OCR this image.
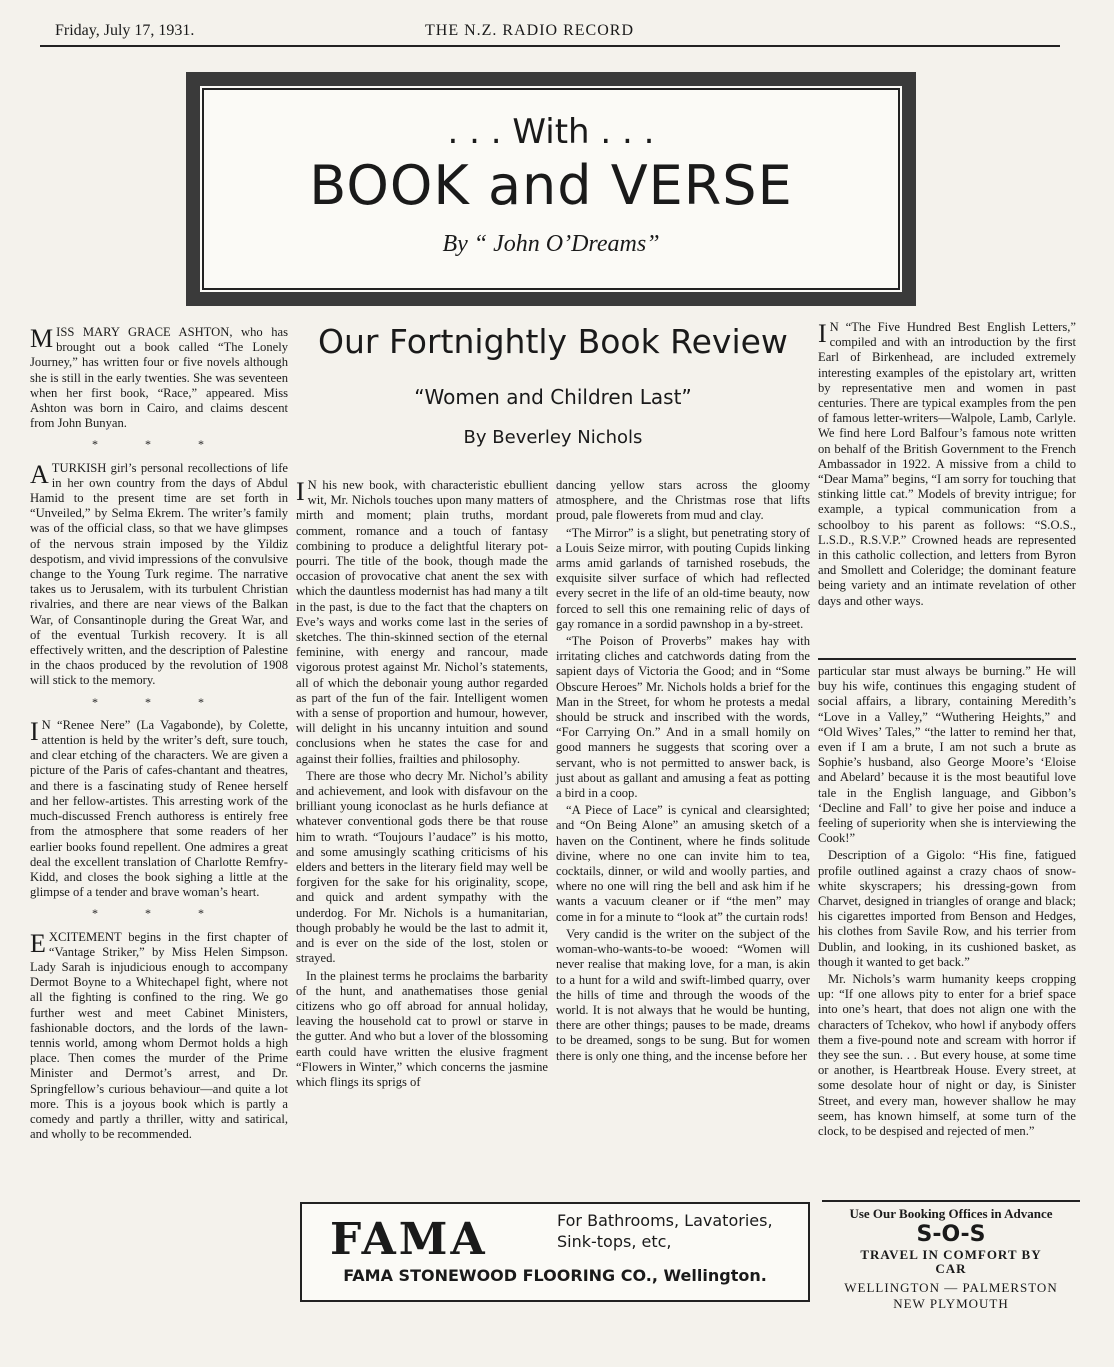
Friday, July 17, 1931.	THE N.Z. RADIO RECORD
. . . With . . .
BOOK and VERSE
By “ John O’Dreams”

MISS MARY GRACE ASHTON, who has brought out a book called “The Lonely Journey,” has written four or five novels although she is still in the early twenties. She was seventeen when her first book, “Race,” appeared. Miss Ashton was born in Cairo, and claims descent from John Bunyan.

* * *

A TURKISH girl’s personal recollections of life in her own country from the days of Abdul Hamid to the present time are set forth in “Unveiled,” by Selma Ekrem. The writer’s family was of the official class, so that we have glimpses of the nervous strain imposed by the Yildiz despotism, and vivid impressions of the convulsive change to the Young Turk regime. The narrative takes us to Jerusalem, with its turbulent Christian rivalries, and there are near views of the Balkan War, of Consantinople during the Great War, and of the eventual Turkish recovery. It is all effectively written, and the description of Palestine in the chaos produced by the revolution of 1908 will stick to the memory.

* * *

I N “Renee Nere” (La Vagabonde), by Colette, attention is held by the writer’s deft, sure touch, and clear etching of the characters. We are given a picture of the Paris of cafes-chantant and theatres, and there is a fascinating study of Renee herself and her fellow-artistes. This arresting work of the much-discussed French authoress is entirely free from the atmosphere that some readers of her earlier books found repellent. One admires a great deal the excellent translation of Charlotte Remfry-Kidd, and closes the book sighing a little at the glimpse of a tender and brave woman’s heart.

* * *

EXCITEMENT begins in the first chapter of “Vantage Striker,” by Miss Helen Simpson. Lady Sarah is injudicious enough to accompany Dermot Boyne to a Whitechapel fight, where not all the fighting is confined to the ring. We go further west and meet Cabinet Ministers, fashionable doctors, and the lords of the lawn-tennis world, among whom Dermot holds a high place. Then comes the murder of the Prime Minister and Dermot’s arrest, and Dr. Springfellow’s curious behaviour—and quite a lot more. This is a joyous book which is partly a comedy and partly a thriller, witty and satirical, and wholly to be recommended.

Our Fortnightly Book Review
“Women and Children Last”
By Beverley Nichols

I N his new book, with characteristic ebullient wit, Mr. Nichols touches upon many matters of mirth and moment; plain truths, mordant comment, romance and a touch of fantasy combining to produce a delightful literary pot-pourri. The title of the book, though made the occasion of provocative chat anent the sex with which the dauntless modernist has had many a tilt in the past, is due to the fact that the chapters on Eve’s ways and works come last in the series of sketches. The thin-skinned section of the eternal feminine, with energy and rancour, made vigorous protest against Mr. Nichol’s statements, all of which the debonair young author regarded as part of the fun of the fair. Intelligent women with a sense of proportion and humour, however, will delight in his uncanny intuition and sound conclusions when he states the case for and against their follies, frailties and philosophy.

There are those who decry Mr. Nichol’s ability and achievement, and look with disfavour on the brilliant young iconoclast as he hurls defiance at whatever conventional gods there be that rouse him to wrath. “Toujours l’audace” is his motto, and some amusingly scathing criticisms of his elders and betters in the literary field may well be forgiven for the sake for his originality, scope, and quick and ardent sympathy with the underdog. For Mr. Nichols is a humanitarian, though probably he would be the last to admit it, and is ever on the side of the lost, stolen or strayed.

In the plainest terms he proclaims the barbarity of the hunt, and anathematises those genial citizens who go off abroad for annual holiday, leaving the household cat to prowl or starve in the gutter. And who but a lover of the blossoming earth could have written the elusive fragment “Flowers in Winter,” which concerns the jasmine which flings its sprigs of

dancing yellow stars across the gloomy atmosphere, and the Christmas rose that lifts proud, pale flowerets from mud and clay.

“The Mirror” is a slight, but penetrating story of a Louis Seize mirror, with pouting Cupids linking arms amid garlands of tarnished rosebuds, the exquisite silver surface of which had reflected every secret in the life of an old-time beauty, now forced to sell this one remaining relic of days of gay romance in a sordid pawnshop in a by-street.

“The Poison of Proverbs” makes hay with irritating cliches and catchwords dating from the sapient days of Victoria the Good; and in “Some Obscure Heroes” Mr. Nichols holds a brief for the Man in the Street, for whom he protests a medal should be struck and inscribed with the words, “For Carrying On.” And in a small homily on good manners he suggests that scoring over a servant, who is not permitted to answer back, is just about as gallant and amusing a feat as potting a bird in a coop.

“A Piece of Lace” is cynical and clearsighted; and “On Being Alone” an amusing sketch of a haven on the Continent, where he finds solitude divine, where no one can invite him to tea, cocktails, dinner, or wild and woolly parties, and where no one will ring the bell and ask him if he wants a vacuum cleaner or if “the men” may come in for a minute to “look at” the curtain rods!

Very candid is the writer on the subject of the woman-who-wants-to-be wooed: “Women will never realise that making love, for a man, is akin to a hunt for a wild and swift-limbed quarry, over the hills of time and through the woods of the world. It is not always that he would be hunting, there are other things; pauses to be made, dreams to be dreamed, songs to be sung. But for women there is only one thing, and the incense before her

I N “The Five Hundred Best English Letters,” compiled and with an introduction by the first Earl of Birkenhead, are included extremely interesting examples of the epistolary art, written by representative men and women in past centuries. There are typical examples from the pen of famous letter-writers—Walpole, Lamb, Carlyle. We find here Lord Balfour’s famous note written on behalf of the British Government to the French Ambassador in 1922. A missive from a child to “Dear Mama” begins, “I am sorry for touching that stinking little cat.” Models of brevity intrigue; for example, a typical communication from a schoolboy to his parent as follows: “S.O.S., L.S.D., R.S.V.P.” Crowned heads are represented in this catholic collection, and letters from Byron and Smollett and Coleridge; the dominant feature being variety and an intimate revelation of other days and other ways.

particular star must always be burning.” He will buy his wife, continues this engaging student of social affairs, a library, containing Meredith’s “Love in a Valley,” “Wuthering Heights,” and “Old Wives’ Tales,” “the latter to remind her that, even if I am a brute, I am not such a brute as Sophie’s husband, also George Moore’s ‘Eloise and Abelard’ because it is the most beautiful love tale in the English language, and Gibbon’s ‘Decline and Fall’ to give her poise and induce a feeling of superiority when she is interviewing the Cook!”

Description of a Gigolo: “His fine, fatigued profile outlined against a crazy chaos of snow-white skyscrapers; his dressing-gown from Charvet, designed in triangles of orange and black; his cigarettes imported from Benson and Hedges, his clothes from Savile Row, and his terrier from Dublin, and looking, in its cushioned basket, as though it wanted to get back.”

Mr. Nichols’s warm humanity keeps cropping up: “If one allows pity to enter for a brief space into one’s heart, that does not align one with the characters of Tchekov, who howl if anybody offers them a five-pound note and scream with horror if they see the sun. . . But every house, at some time or another, is Heartbreak House. Every street, at some desolate hour of night or day, is Sinister Street, and every man, however shallow he may seem, has known himself, at some turn of the clock, to be despised and rejected of men.”

FAMA	For Bathrooms, Lavatories,
Sink-tops, etc,
FAMA STONEWOOD FLOORING CO., Wellington.
Use Our Booking Offices in Advance
S-O-S
TRAVEL IN COMFORT BY
CAR
WELLINGTON — PALMERSTON
NEW PLYMOUTH
